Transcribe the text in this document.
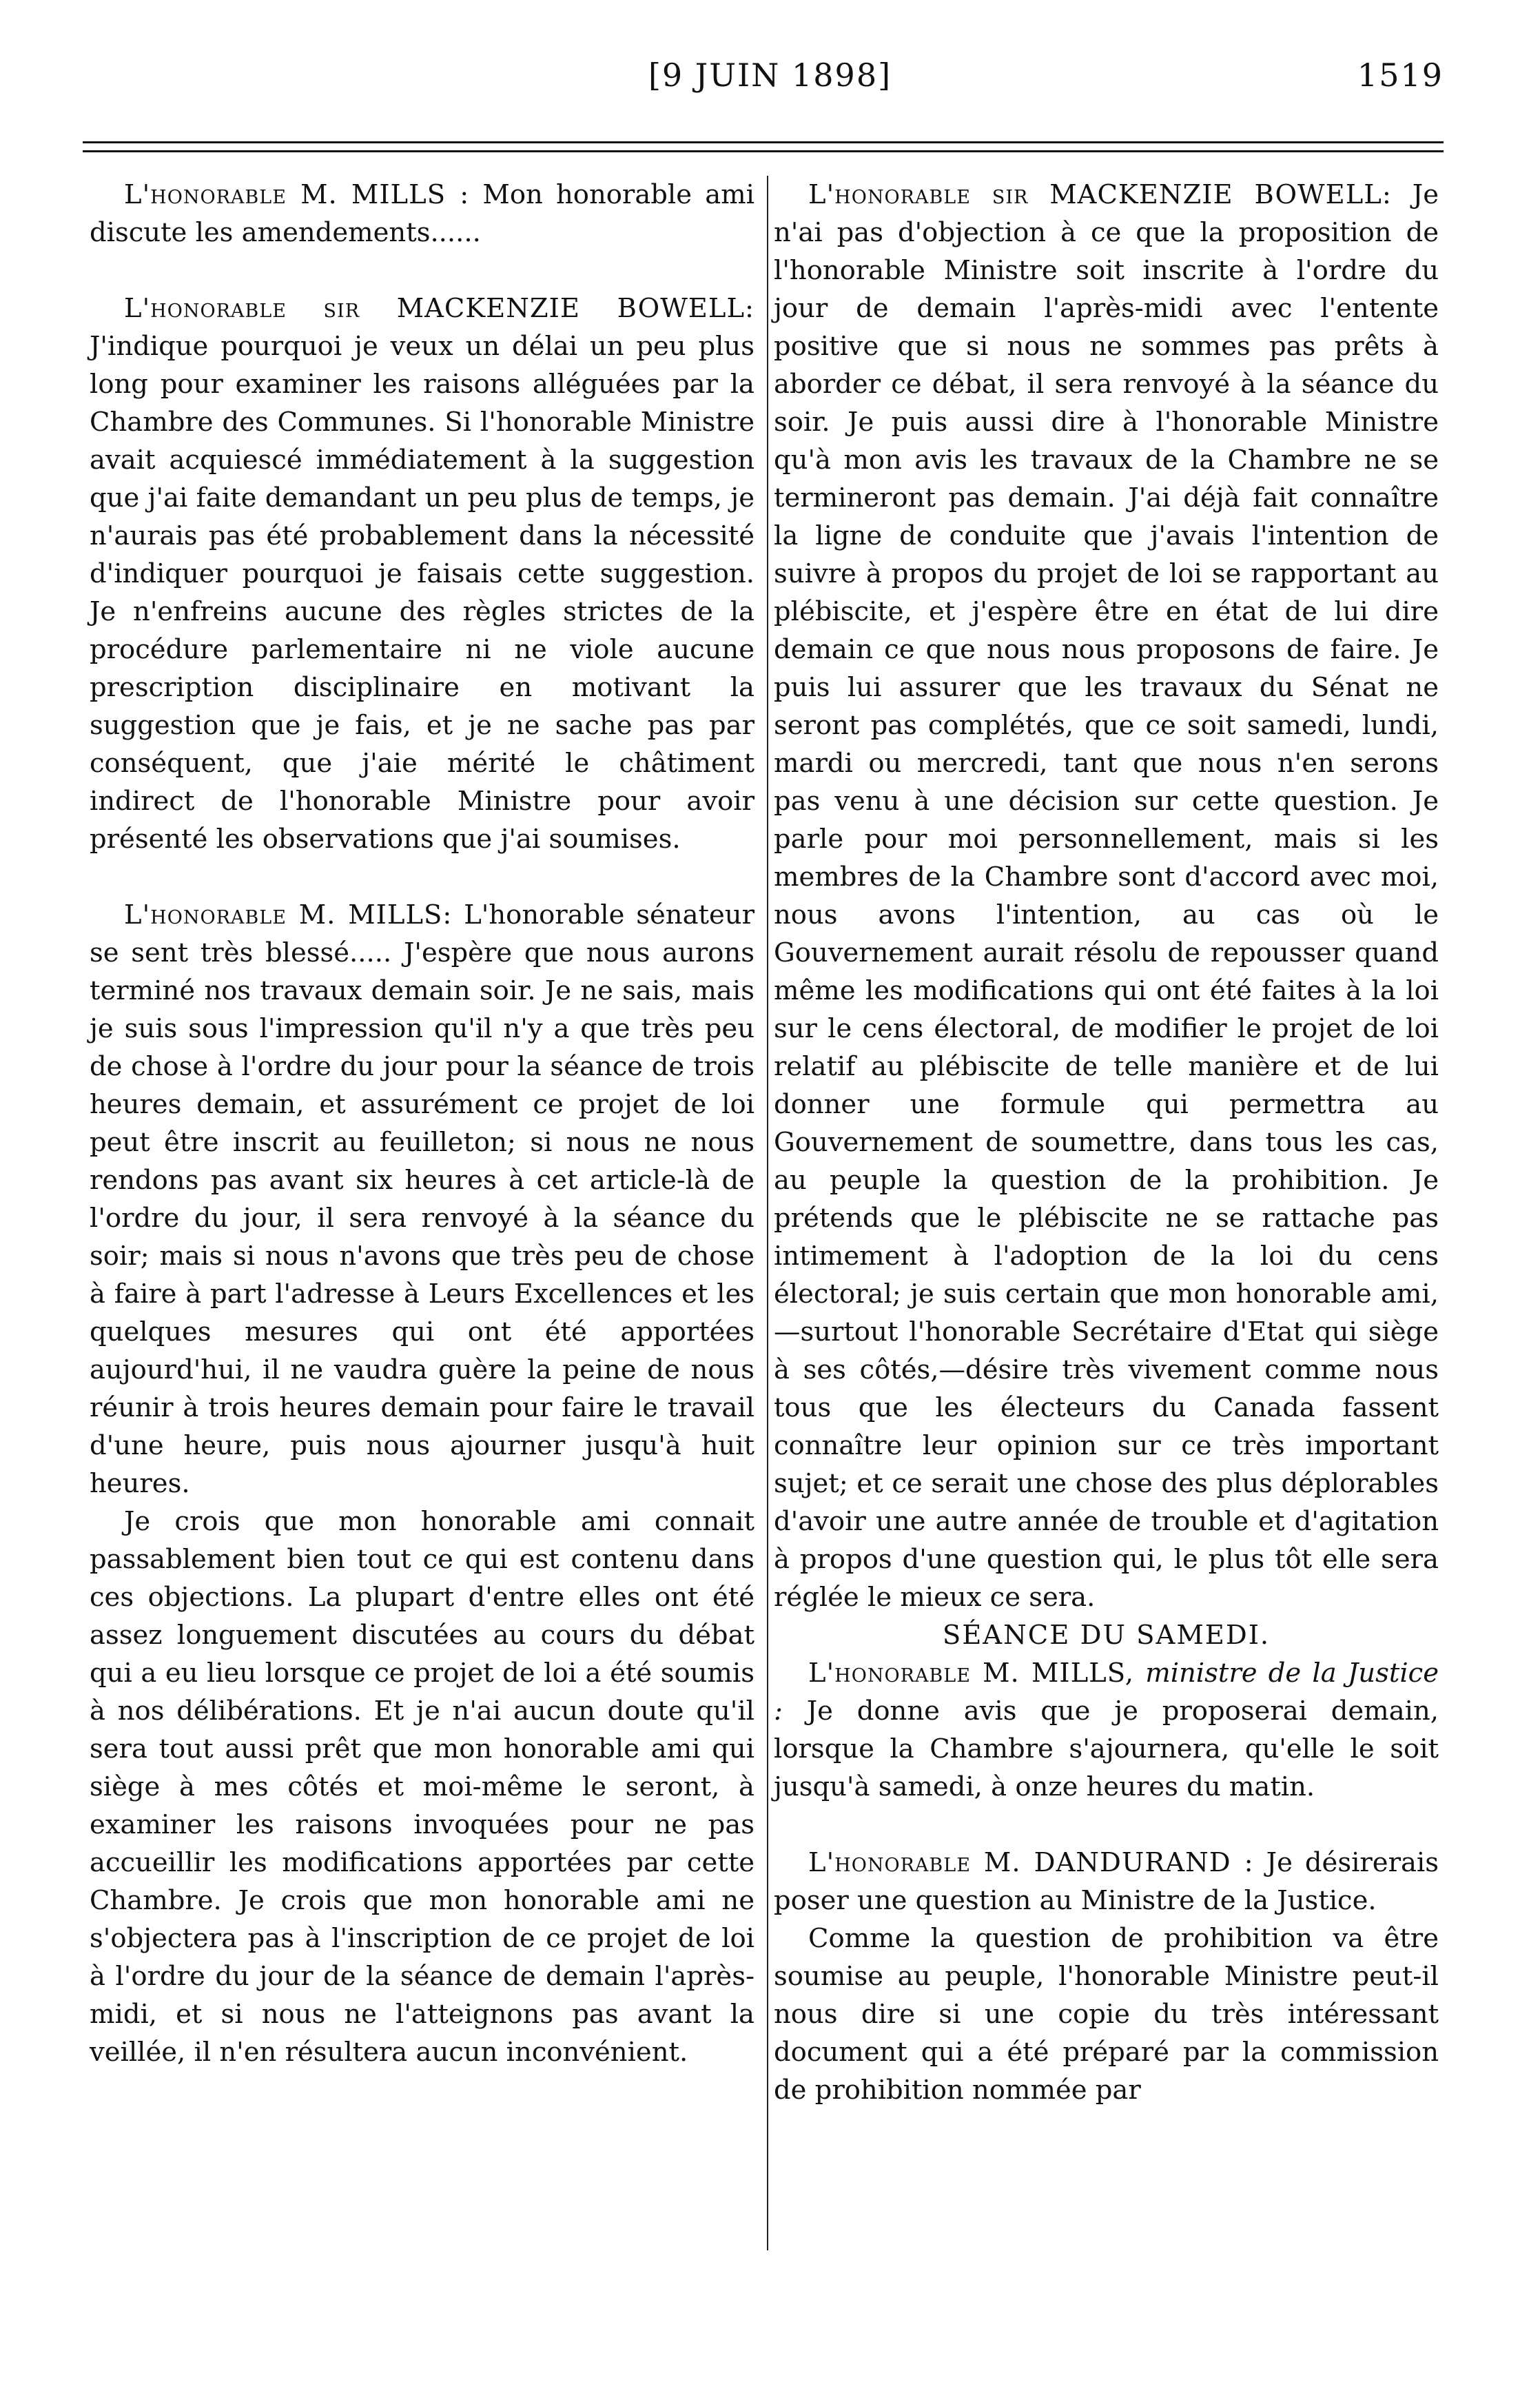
[9 JUIN 1898]	1519

L'honorable M. MILLS : Mon honorable ami discute les amendements......

L'honorable sir MACKENZIE BOWELL: J'indique pourquoi je veux un délai un peu plus long pour examiner les raisons alléguées par la Chambre des Communes. Si l'honorable Ministre avait acquiescé immédiatement à la suggestion que j'ai faite demandant un peu plus de temps, je n'aurais pas été probablement dans la nécessité d'indiquer pourquoi je faisais cette suggestion. Je n'enfreins aucune des règles strictes de la procédure parlementaire ni ne viole aucune prescription disciplinaire en motivant la suggestion que je fais, et je ne sache pas par conséquent, que j'aie mérité le châtiment indirect de l'honorable Ministre pour avoir présenté les observations que j'ai soumises.

L'honorable M. MILLS: L'honorable sénateur se sent très blessé..... J'espère que nous aurons terminé nos travaux demain soir. Je ne sais, mais je suis sous l'impression qu'il n'y a que très peu de chose à l'ordre du jour pour la séance de trois heures demain, et assurément ce projet de loi peut être inscrit au feuilleton; si nous ne nous rendons pas avant six heures à cet article-là de l'ordre du jour, il sera renvoyé à la séance du soir; mais si nous n'avons que très peu de chose à faire à part l'adresse à Leurs Excellences et les quelques mesures qui ont été apportées aujourd'hui, il ne vaudra guère la peine de nous réunir à trois heures demain pour faire le travail d'une heure, puis nous ajourner jusqu'à huit heures.

Je crois que mon honorable ami connait passablement bien tout ce qui est contenu dans ces objections. La plupart d'entre elles ont été assez longuement discutées au cours du débat qui a eu lieu lorsque ce projet de loi a été soumis à nos délibérations. Et je n'ai aucun doute qu'il sera tout aussi prêt que mon honorable ami qui siège à mes côtés et moi-même le seront, à examiner les raisons invoquées pour ne pas accueillir les modifications apportées par cette Chambre. Je crois que mon honorable ami ne s'objectera pas à l'inscription de ce projet de loi à l'ordre du jour de la séance de demain l'après-midi, et si nous ne l'atteignons pas avant la veillée, il n'en résultera aucun inconvénient.

L'honorable sir MACKENZIE BOWELL: Je n'ai pas d'objection à ce que la proposition de l'honorable Ministre soit inscrite à l'ordre du jour de demain l'après-midi avec l'entente positive que si nous ne sommes pas prêts à aborder ce débat, il sera renvoyé à la séance du soir. Je puis aussi dire à l'honorable Ministre qu'à mon avis les travaux de la Chambre ne se termineront pas demain. J'ai déjà fait connaître la ligne de conduite que j'avais l'intention de suivre à propos du projet de loi se rapportant au plébiscite, et j'espère être en état de lui dire demain ce que nous nous proposons de faire. Je puis lui assurer que les travaux du Sénat ne seront pas complétés, que ce soit samedi, lundi, mardi ou mercredi, tant que nous n'en serons pas venu à une décision sur cette question. Je parle pour moi personnellement, mais si les membres de la Chambre sont d'accord avec moi, nous avons l'intention, au cas où le Gouvernement aurait résolu de repousser quand même les modifications qui ont été faites à la loi sur le cens électoral, de modifier le projet de loi relatif au plébiscite de telle manière et de lui donner une formule qui permettra au Gouvernement de soumettre, dans tous les cas, au peuple la question de la prohibition. Je prétends que le plébiscite ne se rattache pas intimement à l'adoption de la loi du cens électoral; je suis certain que mon honorable ami,—surtout l'honorable Secrétaire d'Etat qui siège à ses côtés,—désire très vivement comme nous tous que les électeurs du Canada fassent connaître leur opinion sur ce très important sujet; et ce serait une chose des plus déplorables d'avoir une autre année de trouble et d'agitation à propos d'une question qui, le plus tôt elle sera réglée le mieux ce sera.

SÉANCE DU SAMEDI.

L'honorable M. MILLS, ministre de la Justice : Je donne avis que je proposerai demain, lorsque la Chambre s'ajournera, qu'elle le soit jusqu'à samedi, à onze heures du matin.

L'honorable M. DANDURAND : Je désirerais poser une question au Ministre de la Justice.

Comme la question de prohibition va être soumise au peuple, l'honorable Ministre peut-il nous dire si une copie du très intéressant document qui a été préparé par la commission de prohibition nommée par
